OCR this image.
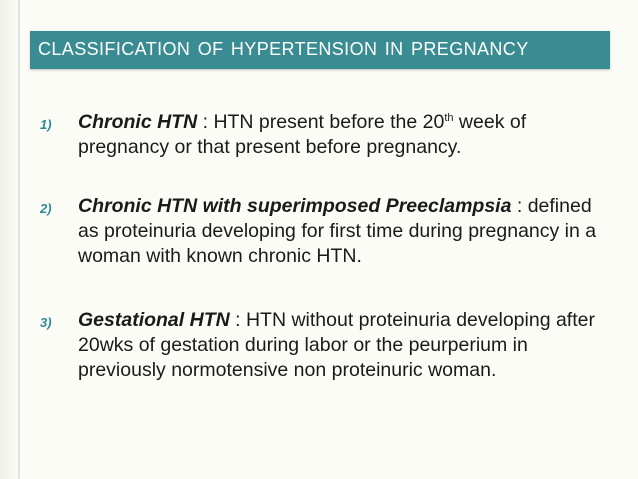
CLASSIFICATION OF HYPERTENSION IN PREGNANCY
1) Chronic HTN : HTN present before the 20th week of pregnancy or that present before pregnancy.
2) Chronic HTN with superimposed Preeclampsia : defined as proteinuria developing for first time during pregnancy in a woman with known chronic HTN.
3) Gestational HTN : HTN without proteinuria developing after 20wks of gestation during labor or the peurperium in previously normotensive non proteinuric woman.
